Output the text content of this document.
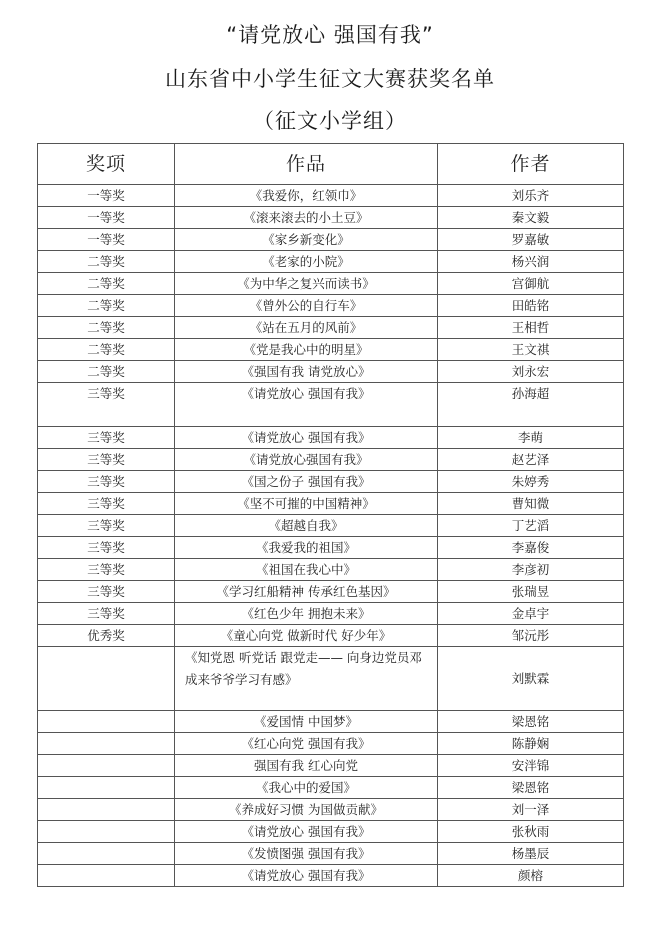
“请党放心 强国有我”
山东省中小学生征文大赛获奖名单
（征文小学组）
奖项	作品	作者
一等奖	《我爱你，红领巾》	刘乐齐
一等奖	《滚来滚去的小土豆》	秦文毅
一等奖	《家乡新变化》	罗嘉敏
二等奖	《老家的小院》	杨兴润
二等奖	《为中华之复兴而读书》	宫御航
二等奖	《曾外公的自行车》	田皓铭
二等奖	《站在五月的风前》	王相哲
二等奖	《党是我心中的明星》	王文祺
二等奖	《强国有我 请党放心》	刘永宏
三等奖	《请党放心 强国有我》	孙海超
三等奖	《请党放心 强国有我》	李萌
三等奖	《请党放心强国有我》	赵艺泽
三等奖	《国之份子 强国有我》	朱婷秀
三等奖	《坚不可摧的中国精神》	曹知微
三等奖	《超越自我》	丁艺滔
三等奖	《我爱我的祖国》	李嘉俊
三等奖	《祖国在我心中》	李彦初
三等奖	《学习红船精神 传承红色基因》	张瑞昱
三等奖	《红色少年 拥抱未来》	金卓宇
优秀奖	《童心向党 做新时代 好少年》	邹沅彤
	《知党恩 听党话 跟党走—— 向身边党员邓成来爷爷学习有感》	刘默霖
	《爱国情 中国梦》	梁恩铭
	《红心向党 强国有我》	陈静娴
	强国有我 红心向党	安泮锦
	《我心中的爱国》	梁恩铭
	《养成好习惯 为国做贡献》	刘一泽
	《请党放心 强国有我》	张秋雨
	《发愤图强 强国有我》	杨墨辰
	《请党放心 强国有我》	颜榕
